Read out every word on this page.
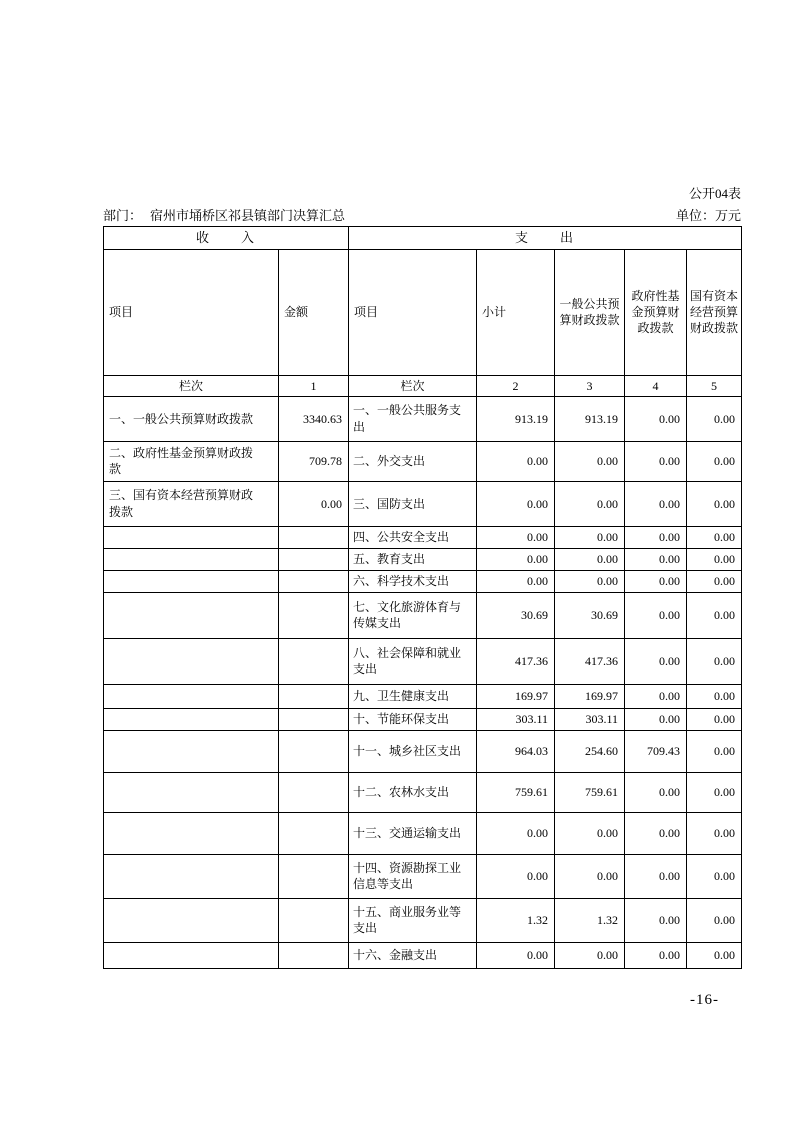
公开04表
部门： 宿州市埇桥区祁县镇部门决算汇总	单位：万元
收　　入		支　　出				
项目	金额	项目	小计	一般公共预算财政拨款	政府性基金预算财政拨款	国有资本经营预算财政拨款
栏次	1	栏次	2	3	4	5
一、一般公共预算财政拨款	3340.63	一、一般公共服务支出	913.19	913.19	0.00	0.00
二、政府性基金预算财政拨款	709.78	二、外交支出	0.00	0.00	0.00	0.00
三、国有资本经营预算财政拨款	0.00	三、国防支出	0.00	0.00	0.00	0.00
		四、公共安全支出	0.00	0.00	0.00	0.00
		五、教育支出	0.00	0.00	0.00	0.00
		六、科学技术支出	0.00	0.00	0.00	0.00
		七、文化旅游体育与传媒支出	30.69	30.69	0.00	0.00
		八、社会保障和就业支出	417.36	417.36	0.00	0.00
		九、卫生健康支出	169.97	169.97	0.00	0.00
		十、节能环保支出	303.11	303.11	0.00	0.00
		十一、城乡社区支出	964.03	254.60	709.43	0.00
		十二、农林水支出	759.61	759.61	0.00	0.00
		十三、交通运输支出	0.00	0.00	0.00	0.00
		十四、资源勘探工业信息等支出	0.00	0.00	0.00	0.00
		十五、商业服务业等支出	1.32	1.32	0.00	0.00
		十六、金融支出	0.00	0.00	0.00	0.00
-16-
